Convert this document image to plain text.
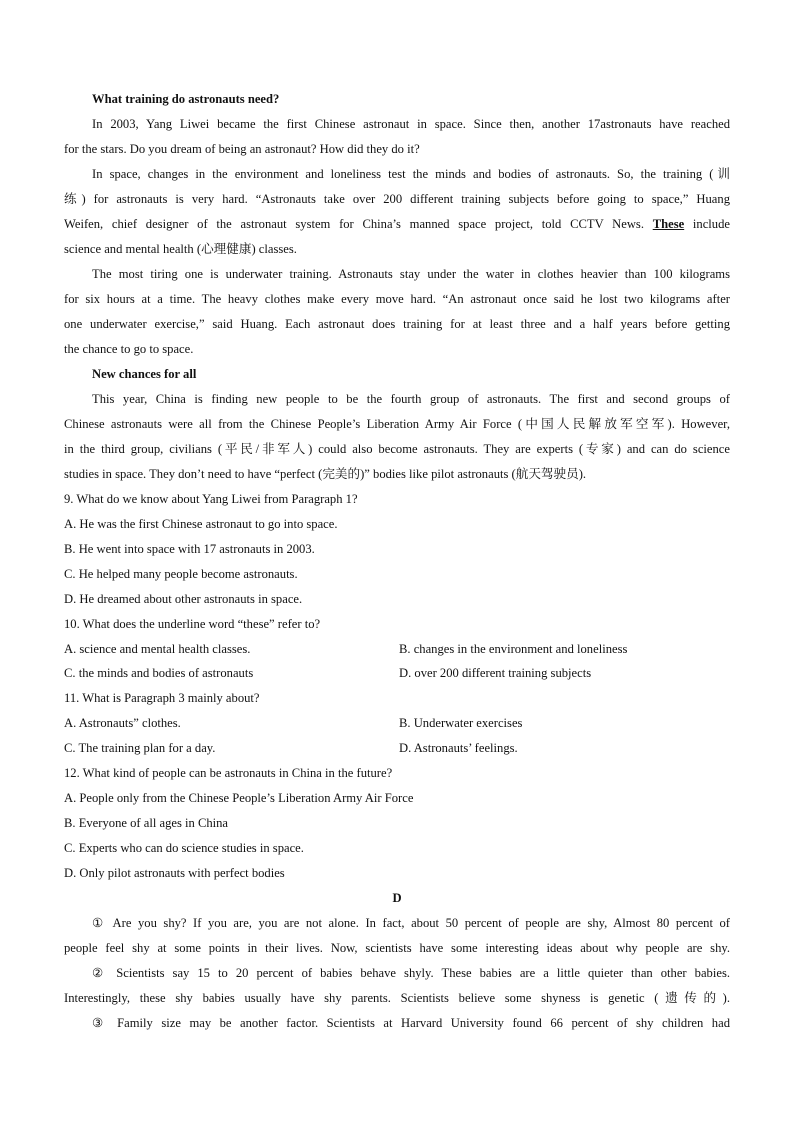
What training do astronauts need?
In 2003, Yang Liwei became the first Chinese astronaut in space. Since then, another 17astronauts have reached
for the stars. Do you dream of being an astronaut? How did they do it?
In space, changes in the environment and loneliness test the minds and bodies of astronauts. So, the training (训
练) for astronauts is very hard. “Astronauts take over 200 different training subjects before going to space,” Huang
Weifen, chief designer of the astronaut system for China’s manned space project, told CCTV News. These include
science and mental health (心理健康) classes.
The most tiring one is underwater training. Astronauts stay under the water in clothes heavier than 100 kilograms
for six hours at a time. The heavy clothes make every move hard. “An astronaut once said he lost two kilograms after
one underwater exercise,” said Huang. Each astronaut does training for at least three and a half years before getting
the chance to go to space.
New chances for all
This year, China is finding new people to be the fourth group of astronauts. The first and second groups of
Chinese astronauts were all from the Chinese People’s Liberation Army Air Force (中国人民解放军空军). However,
in the third group, civilians (平民/非军人) could also become astronauts. They are experts (专家) and can do science
studies in space. They don’t need to have “perfect (完美的)” bodies like pilot astronauts (航天驾驶员).
9. What do we know about Yang Liwei from Paragraph 1?
A. He was the first Chinese astronaut to go into space.
B. He went into space with 17 astronauts in 2003.
C. He helped many people become astronauts.
D. He dreamed about other astronauts in space.
10. What does the underline word “these” refer to?
A. science and mental health classes.	B. changes in the environment and loneliness
C. the minds and bodies of astronauts	D. over 200 different training subjects
11. What is Paragraph 3 mainly about?
A. Astronauts” clothes.	B. Underwater exercises
C. The training plan for a day.	D. Astronauts’ feelings.
12. What kind of people can be astronauts in China in the future?
A. People only from the Chinese People’s Liberation Army Air Force
B. Everyone of all ages in China
C. Experts who can do science studies in space.
D. Only pilot astronauts with perfect bodies
D
① Are you shy? If you are, you are not alone. In fact, about 50 percent of people are shy, Almost 80 percent of
people feel shy at some points in their lives. Now, scientists have some interesting ideas about why people are shy.
② Scientists say 15 to 20 percent of babies behave shyly. These babies are a little quieter than other babies.
Interestingly, these shy babies usually have shy parents. Scientists believe some shyness is genetic (遗传的).
③ Family size may be another factor. Scientists at Harvard University found 66 percent of shy children had
